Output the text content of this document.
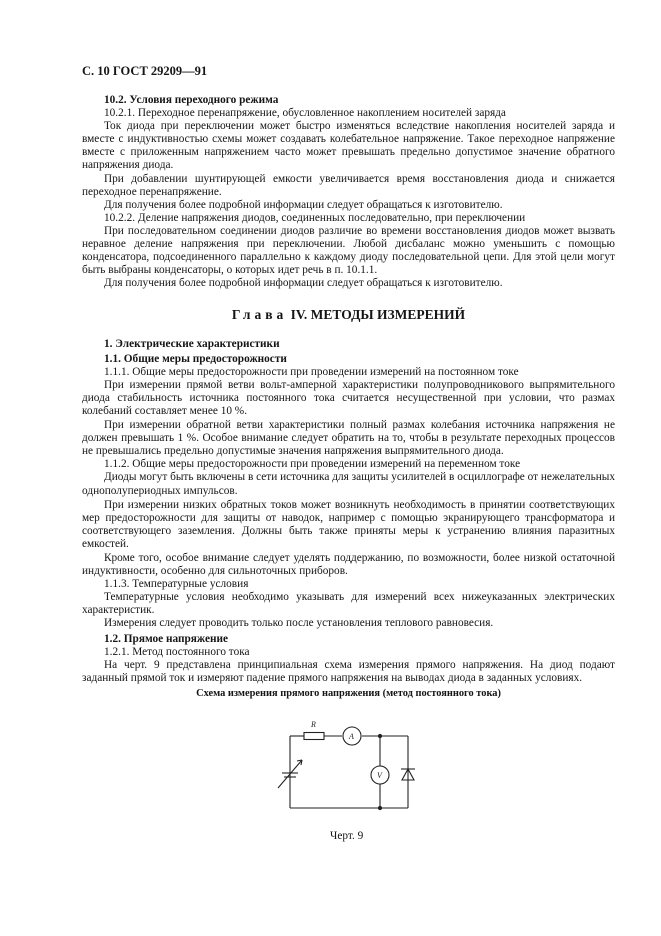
С. 10 ГОСТ 29209—91

10.2. Условия переходного режима

10.2.1. Переходное перенапряжение, обусловленное накоплением носителей заряда

Ток диода при переключении может быстро изменяться вследствие накопления носителей заряда и вместе с индуктивностью схемы может создавать колебательное напряжение. Такое переходное напряжение вместе с приложенным напряжением часто может превышать предельно допустимое значение обратного напряжения диода.

При добавлении шунтирующей емкости увеличивается время восстановления диода и снижается переходное перенапряжение.

Для получения более подробной информации следует обращаться к изготовителю.

10.2.2. Деление напряжения диодов, соединенных последовательно, при переключении

При последовательном соединении диодов различие во времени восстановления диодов может вызвать неравное деление напряжения при переключении. Любой дисбаланс можно уменьшить с помощью конденсатора, подсоединенного параллельно к каждому диоду последовательной цепи. Для этой цели могут быть выбраны конденсаторы, о которых идет речь в п. 10.1.1.

Для получения более подробной информации следует обращаться к изготовителю.

Глава IV. МЕТОДЫ ИЗМЕРЕНИЙ

1. Электрические характеристики

1.1. Общие меры предосторожности

1.1.1. Общие меры предосторожности при проведении измерений на постоянном токе

При измерении прямой ветви вольт-амперной характеристики полупроводникового выпрямительного диода стабильность источника постоянного тока считается несущественной при условии, что размах колебаний составляет менее 10 %.

При измерении обратной ветви характеристики полный размах колебания источника напряжения не должен превышать 1 %. Особое внимание следует обратить на то, чтобы в результате переходных процессов не превышались предельно допустимые значения напряжения выпрямительного диода.

1.1.2. Общие меры предосторожности при проведении измерений на переменном токе

Диоды могут быть включены в сети источника для защиты усилителей в осциллографе от нежелательных однополупериодных импульсов.

При измерении низких обратных токов может возникнуть необходимость в принятии соответствующих мер предосторожности для защиты от наводок, например с помощью экранирующего трансформатора и соответствующего заземления. Должны быть также приняты меры к устранению влияния паразитных емкостей.

Кроме того, особое внимание следует уделять поддержанию, по возможности, более низкой остаточной индуктивности, особенно для сильноточных приборов.

1.1.3. Температурные условия

Температурные условия необходимо указывать для измерений всех нижеуказанных электрических характеристик.

Измерения следует проводить только после установления теплового равновесия.

1.2. Прямое напряжение

1.2.1. Метод постоянного тока

На черт. 9 представлена принципиальная схема измерения прямого напряжения. На диод подают заданный прямой ток и измеряют падение прямого напряжения на выводах диода в заданных условиях.

Схема измерения прямого напряжения (метод постоянного тока)

R
A
V
Черт. 9
